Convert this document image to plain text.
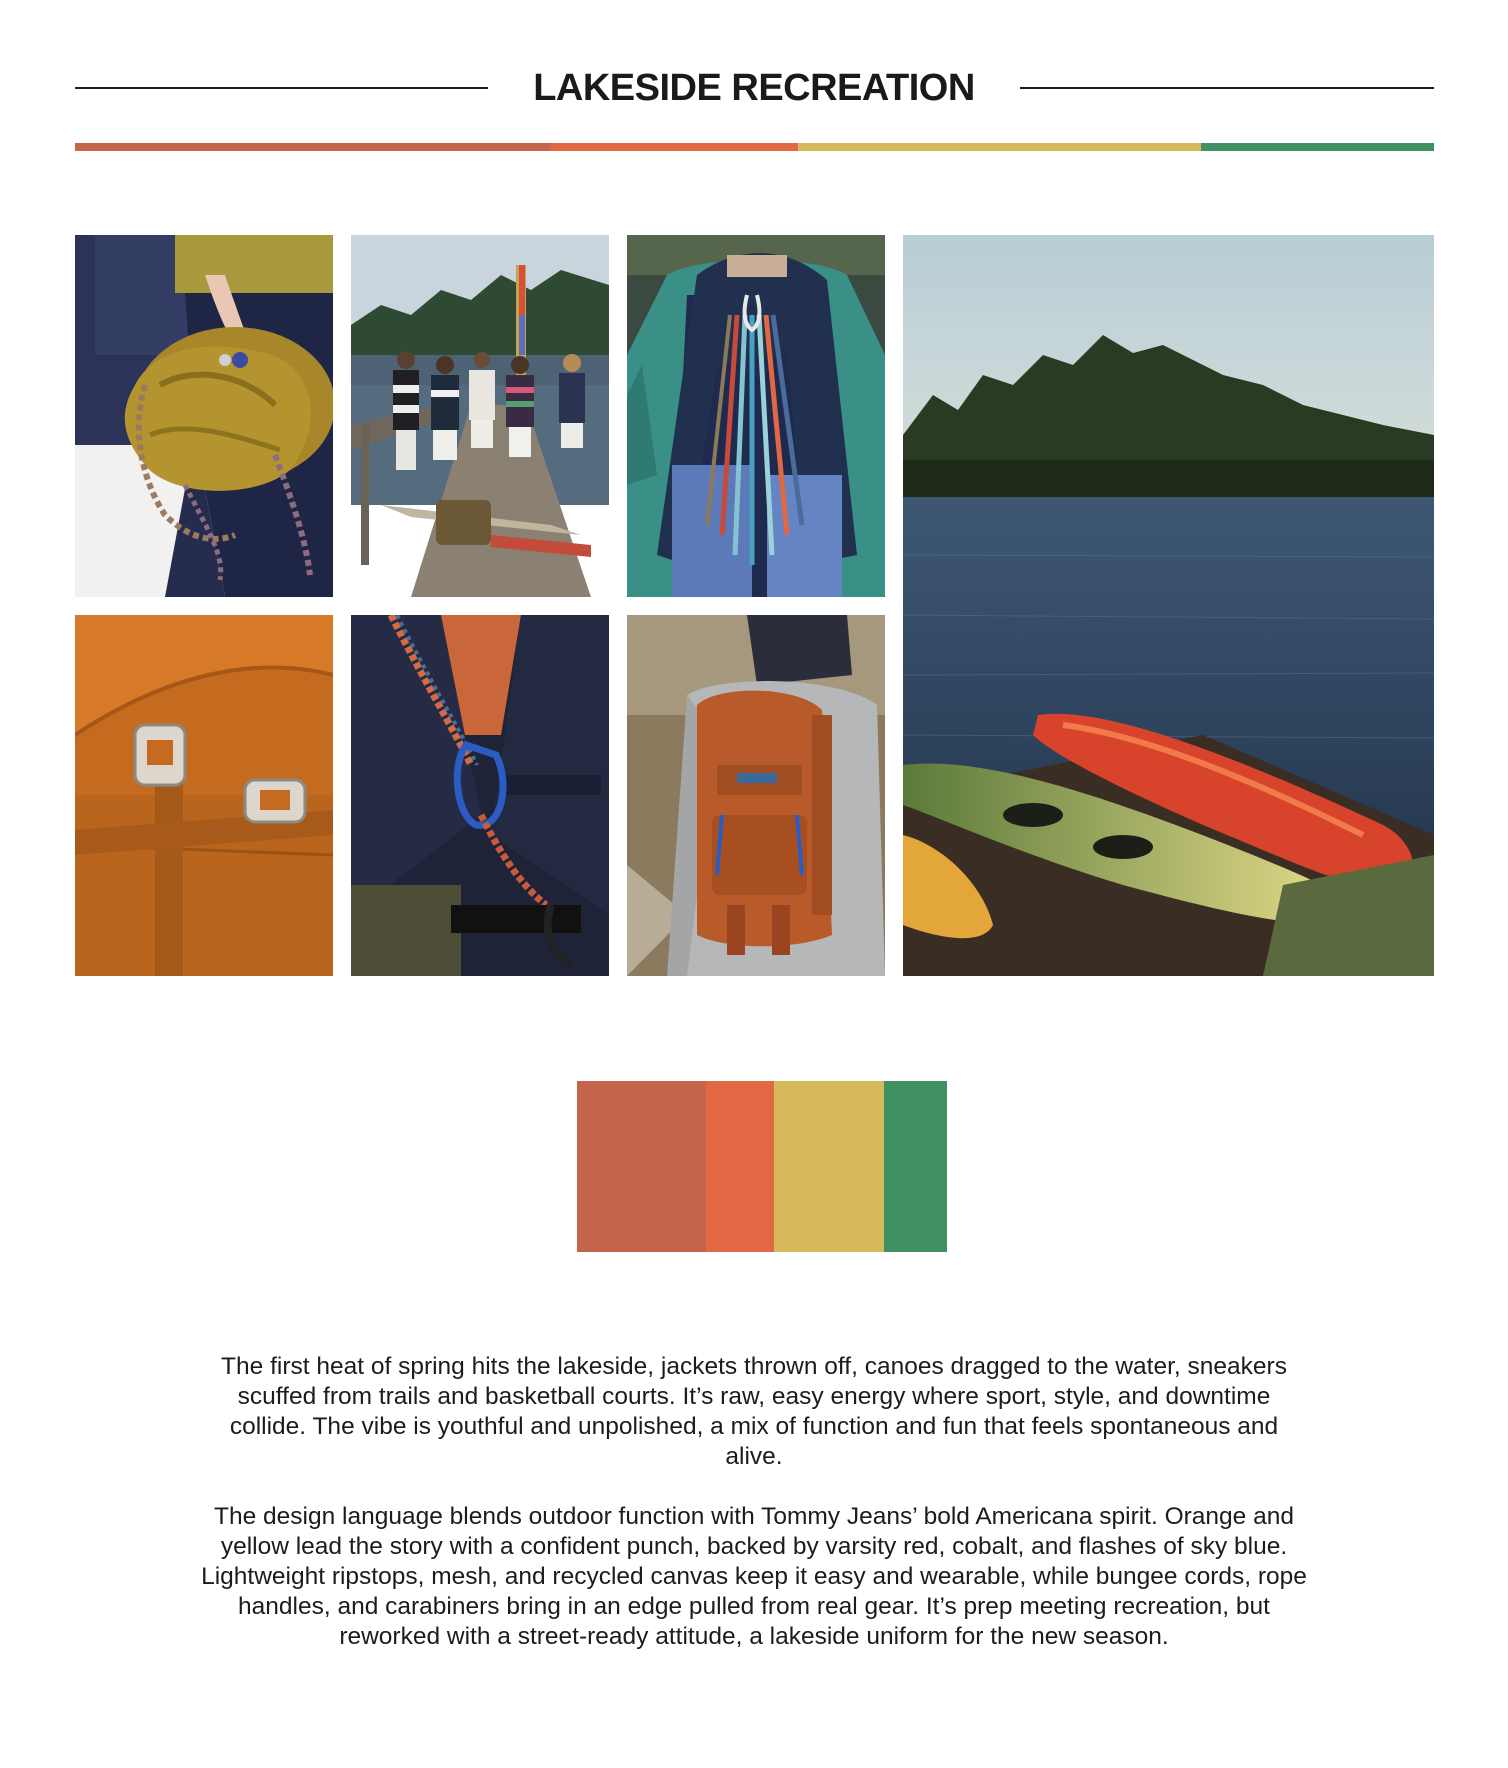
LAKESIDE RECREATION

The first heat of spring hits the lakeside, jackets thrown off, canoes dragged to the water, sneakers scuffed from trails and basketball courts. It’s raw, easy energy where sport, style, and downtime collide. The vibe is youthful and unpolished, a mix of function and fun that feels spontaneous and alive.

The design language blends outdoor function with Tommy Jeans’ bold Americana spirit. Orange and yellow lead the story with a confident punch, backed by varsity red, cobalt, and flashes of sky blue. Lightweight ripstops, mesh, and recycled canvas keep it easy and wearable, while bungee cords, rope handles, and carabiners bring in an edge pulled from real gear. It’s prep meeting recreation, but reworked with a street-ready attitude, a lakeside uniform for the new season.
